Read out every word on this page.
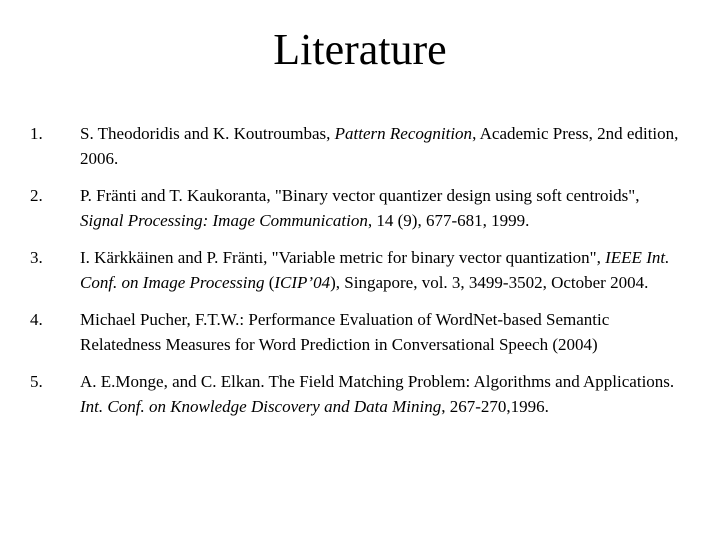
Literature
1. S. Theodoridis and K. Koutroumbas, Pattern Recognition, Academic Press, 2nd edition, 2006.
2. P. Fränti and T. Kaukoranta, "Binary vector quantizer design using soft centroids", Signal Processing: Image Communication, 14 (9), 677‑681, 1999.
3. I. Kärkkäinen and P. Fränti, "Variable metric for binary vector quantization", IEEE Int. Conf. on Image Processing (ICIP’04), Singapore, vol. 3, 3499-3502, October 2004.
4. Michael Pucher, F.T.W.: Performance Evaluation of WordNet-based Semantic Relatedness Measures for Word Prediction in Conversational Speech (2004)
5. A. E.Monge, and C. Elkan. The Field Matching Problem: Algorithms and Applications. Int. Conf. on Knowledge Discovery and Data Mining, 267-270,1996.
